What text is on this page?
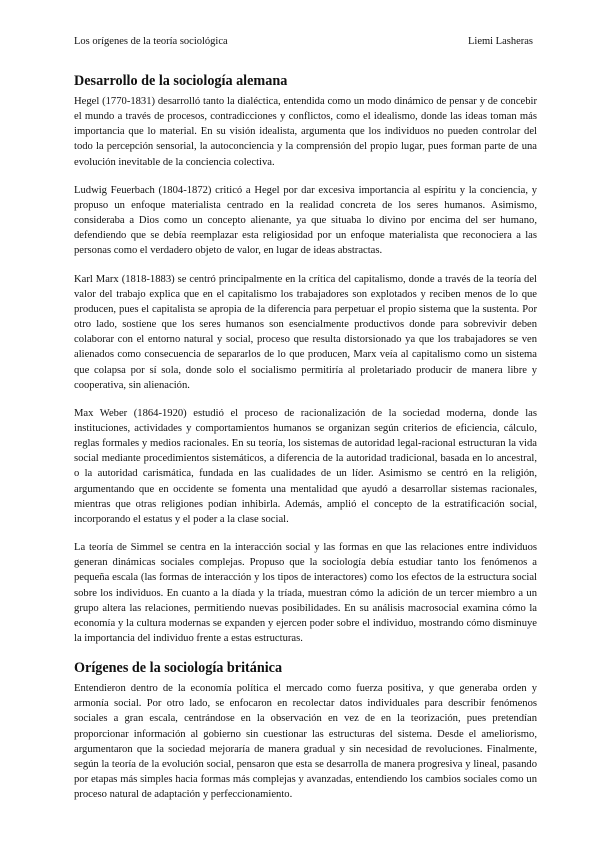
Los orígenes de la teoría sociológica	Liemi Lasheras
Desarrollo de la sociología alemana

Hegel (1770-1831) desarrolló tanto la dialéctica, entendida como un modo dinámico de pensar y de concebir el mundo a través de procesos, contradicciones y conflictos, como el idealismo, donde las ideas toman más importancia que lo material. En su visión idealista, argumenta que los individuos no pueden controlar del todo la percepción sensorial, la autoconciencia y la comprensión del propio lugar, pues forman parte de una evolución inevitable de la conciencia colectiva.

Ludwig Feuerbach (1804-1872) criticó a Hegel por dar excesiva importancia al espíritu y la conciencia, y propuso un enfoque materialista centrado en la realidad concreta de los seres humanos. Asimismo, consideraba a Dios como un concepto alienante, ya que situaba lo divino por encima del ser humano, defendiendo que se debía reemplazar esta religiosidad por un enfoque materialista que reconociera a las personas como el verdadero objeto de valor, en lugar de ideas abstractas.

Karl Marx (1818-1883) se centró principalmente en la crítica del capitalismo, donde a través de la teoría del valor del trabajo explica que en el capitalismo los trabajadores son explotados y reciben menos de lo que producen, pues el capitalista se apropia de la diferencia para perpetuar el propio sistema que la sustenta. Por otro lado, sostiene que los seres humanos son esencialmente productivos donde para sobrevivir deben colaborar con el entorno natural y social, proceso que resulta distorsionado ya que los trabajadores se ven alienados como consecuencia de separarlos de lo que producen, Marx veía al capitalismo como un sistema que colapsa por sí sola, donde solo el socialismo permitiría al proletariado producir de manera libre y cooperativa, sin alienación.

Max Weber (1864-1920) estudió el proceso de racionalización de la sociedad moderna, donde las instituciones, actividades y comportamientos humanos se organizan según criterios de eficiencia, cálculo, reglas formales y medios racionales. En su teoría, los sistemas de autoridad legal-racional estructuran la vida social mediante procedimientos sistemáticos, a diferencia de la autoridad tradicional, basada en lo ancestral, o la autoridad carismática, fundada en las cualidades de un líder. Asimismo se centró en la religión, argumentando que en occidente se fomenta una mentalidad que ayudó a desarrollar sistemas racionales, mientras que otras religiones podían inhibirla. Además, amplió el concepto de la estratificación social, incorporando el estatus y el poder a la clase social.

La teoría de Simmel se centra en la interacción social y las formas en que las relaciones entre individuos generan dinámicas sociales complejas. Propuso que la sociología debía estudiar tanto los fenómenos a pequeña escala (las formas de interacción y los tipos de interactores) como los efectos de la estructura social sobre los individuos. En cuanto a la díada y la tríada, muestran cómo la adición de un tercer miembro a un grupo altera las relaciones, permitiendo nuevas posibilidades. En su análisis macrosocial examina cómo la economía y la cultura modernas se expanden y ejercen poder sobre el individuo, mostrando cómo disminuye la importancia del individuo frente a estas estructuras.

Orígenes de la sociología británica

Entendieron dentro de la economía política el mercado como fuerza positiva, y que generaba orden y armonía social. Por otro lado, se enfocaron en recolectar datos individuales para describir fenómenos sociales a gran escala, centrándose en la observación en vez de en la teorización, pues pretendían proporcionar información al gobierno sin cuestionar las estructuras del sistema. Desde el ameliorismo, argumentaron que la sociedad mejoraría de manera gradual y sin necesidad de revoluciones. Finalmente, según la teoría de la evolución social, pensaron que esta se desarrolla de manera progresiva y lineal, pasando por etapas más simples hacia formas más complejas y avanzadas, entendiendo los cambios sociales como un proceso natural de adaptación y perfeccionamiento.
